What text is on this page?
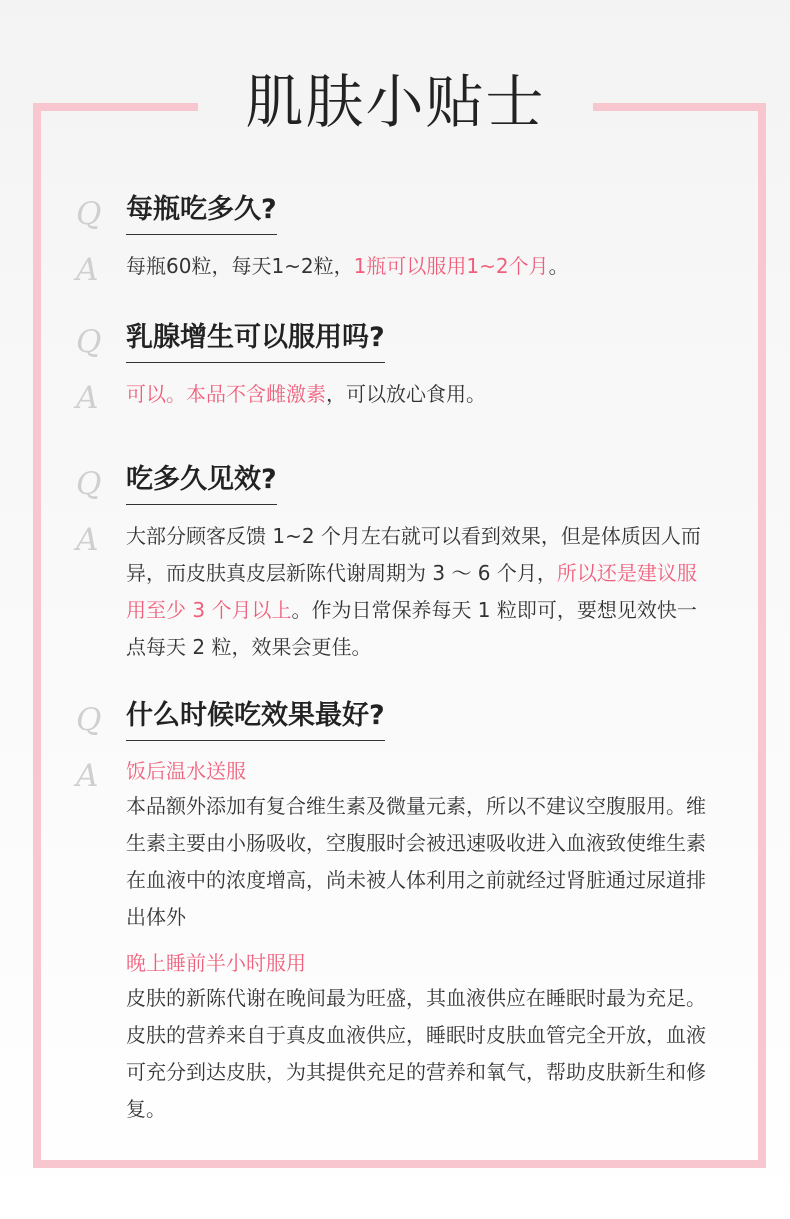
肌肤小贴士
Q 每瓶吃多久?
A	每瓶60粒，每天1~2粒，1瓶可以服用1~2个月。
Q 乳腺增生可以服用吗?
A	可以。本品不含雌激素，可以放心食用。
Q 吃多久见效?
A	大部分顾客反馈 1~2 个月左右就可以看到效果，但是体质因人而异，而皮肤真皮层新陈代谢周期为 3 ～ 6 个月，所以还是建议服用至少 3 个月以上。作为日常保养每天 1 粒即可，要想见效快一点每天 2 粒，效果会更佳。
Q 什么时候吃效果最好?
A	饭后温水送服
本品额外添加有复合维生素及微量元素，所以不建议空腹服用。维生素主要由小肠吸收，空腹服时会被迅速吸收进入血液致使维生素在血液中的浓度增高，尚未被人体利用之前就经过肾脏通过尿道排出体外
晚上睡前半小时服用
皮肤的新陈代谢在晚间最为旺盛，其血液供应在睡眠时最为充足。皮肤的营养来自于真皮血液供应，睡眠时皮肤血管完全开放，血液可充分到达皮肤，为其提供充足的营养和氧气，帮助皮肤新生和修复。
